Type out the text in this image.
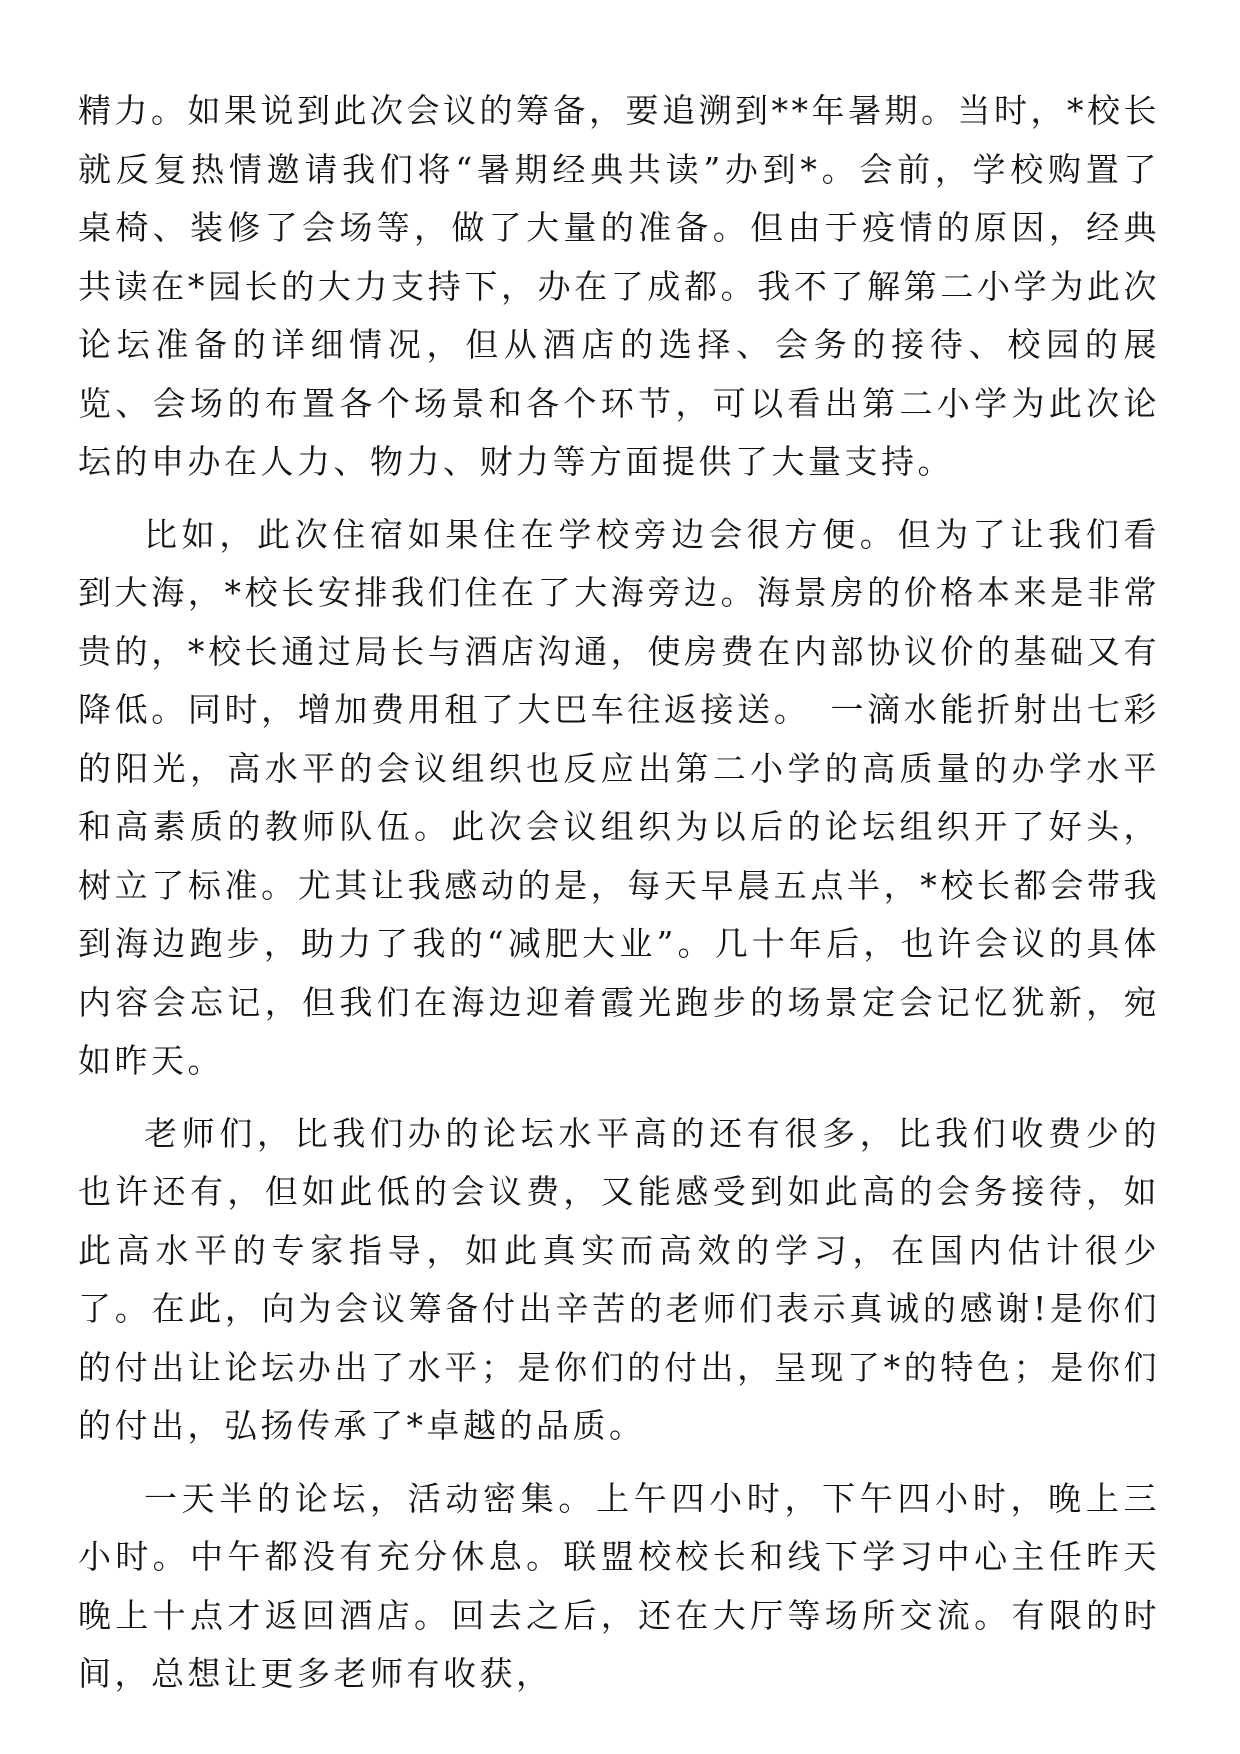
精力。如果说到此次会议的筹备，要追溯到**年暑期。当时，*校长就反复热情邀请我们将“暑期经典共读”办到*。会前，学校购置了桌椅、装修了会场等，做了大量的准备。但由于疫情的原因，经典共读在*园长的大力支持下，办在了成都。我不了解第二小学为此次论坛准备的详细情况，但从酒店的选择、会务的接待、校园的展览、会场的布置各个场景和各个环节，可以看出第二小学为此次论坛的申办在人力、物力、财力等方面提供了大量支持。

比如，此次住宿如果住在学校旁边会很方便。但为了让我们看到大海，*校长安排我们住在了大海旁边。海景房的价格本来是非常贵的，*校长通过局长与酒店沟通，使房费在内部协议价的基础又有降低。同时，增加费用租了大巴车往返接送。　一滴水能折射出七彩的阳光，高水平的会议组织也反应出第二小学的高质量的办学水平和高素质的教师队伍。此次会议组织为以后的论坛组织开了好头，树立了标准。尤其让我感动的是，每天早晨五点半，*校长都会带我到海边跑步，助力了我的“减肥大业”。几十年后，也许会议的具体内容会忘记，但我们在海边迎着霞光跑步的场景定会记忆犹新，宛如昨天。

老师们，比我们办的论坛水平高的还有很多，比我们收费少的也许还有，但如此低的会议费，又能感受到如此高的会务接待，如此高水平的专家指导，如此真实而高效的学习，在国内估计很少了。在此，向为会议筹备付出辛苦的老师们表示真诚的感谢!是你们的付出让论坛办出了水平；是你们的付出，呈现了*的特色；是你们的付出，弘扬传承了*卓越的品质。

一天半的论坛，活动密集。上午四小时，下午四小时，晚上三小时。中午都没有充分休息。联盟校校长和线下学习中心主任昨天晚上十点才返回酒店。回去之后，还在大厅等场所交流。有限的时间，总想让更多老师有收获，
